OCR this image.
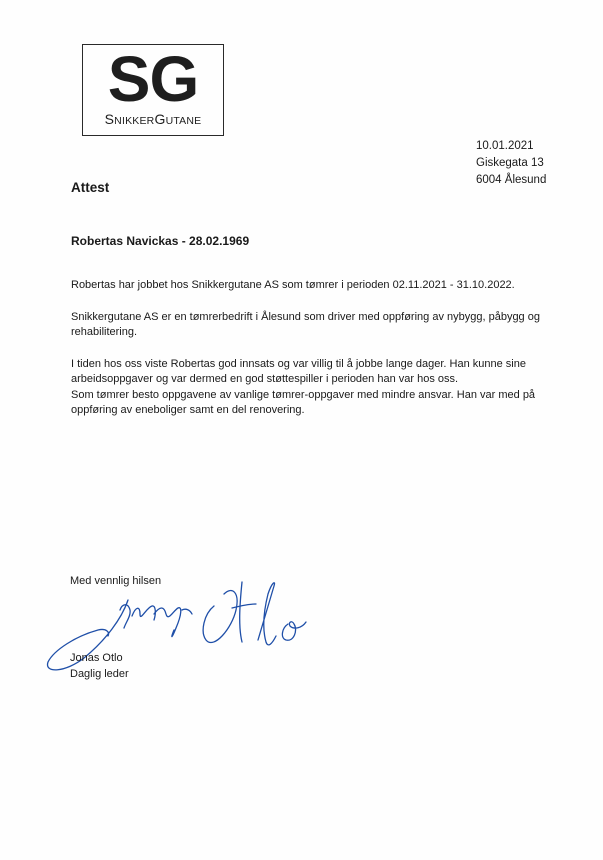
SG
SNIKKERGUTANE
10.01.2021
Giskegata 13
6004 Ålesund
Attest
Robertas Navickas - 28.02.1969

Robertas har jobbet hos Snikkergutane AS som tømrer i perioden 02.11.2021 - 31.10.2022.

Snikkergutane AS er en tømrerbedrift i Ålesund som driver med oppføring av nybygg, påbygg og rehabilitering.

I tiden hos oss viste Robertas god innsats og var villig til å jobbe lange dager. Han kunne sine arbeidsoppgaver og var dermed en god støttespiller i perioden han var hos oss.

Som tømrer besto oppgavene av vanlige tømrer-oppgaver med mindre ansvar. Han var med på oppføring av eneboliger samt en del renovering.

Med vennlig hilsen
Jonas Otlo
Daglig leder
